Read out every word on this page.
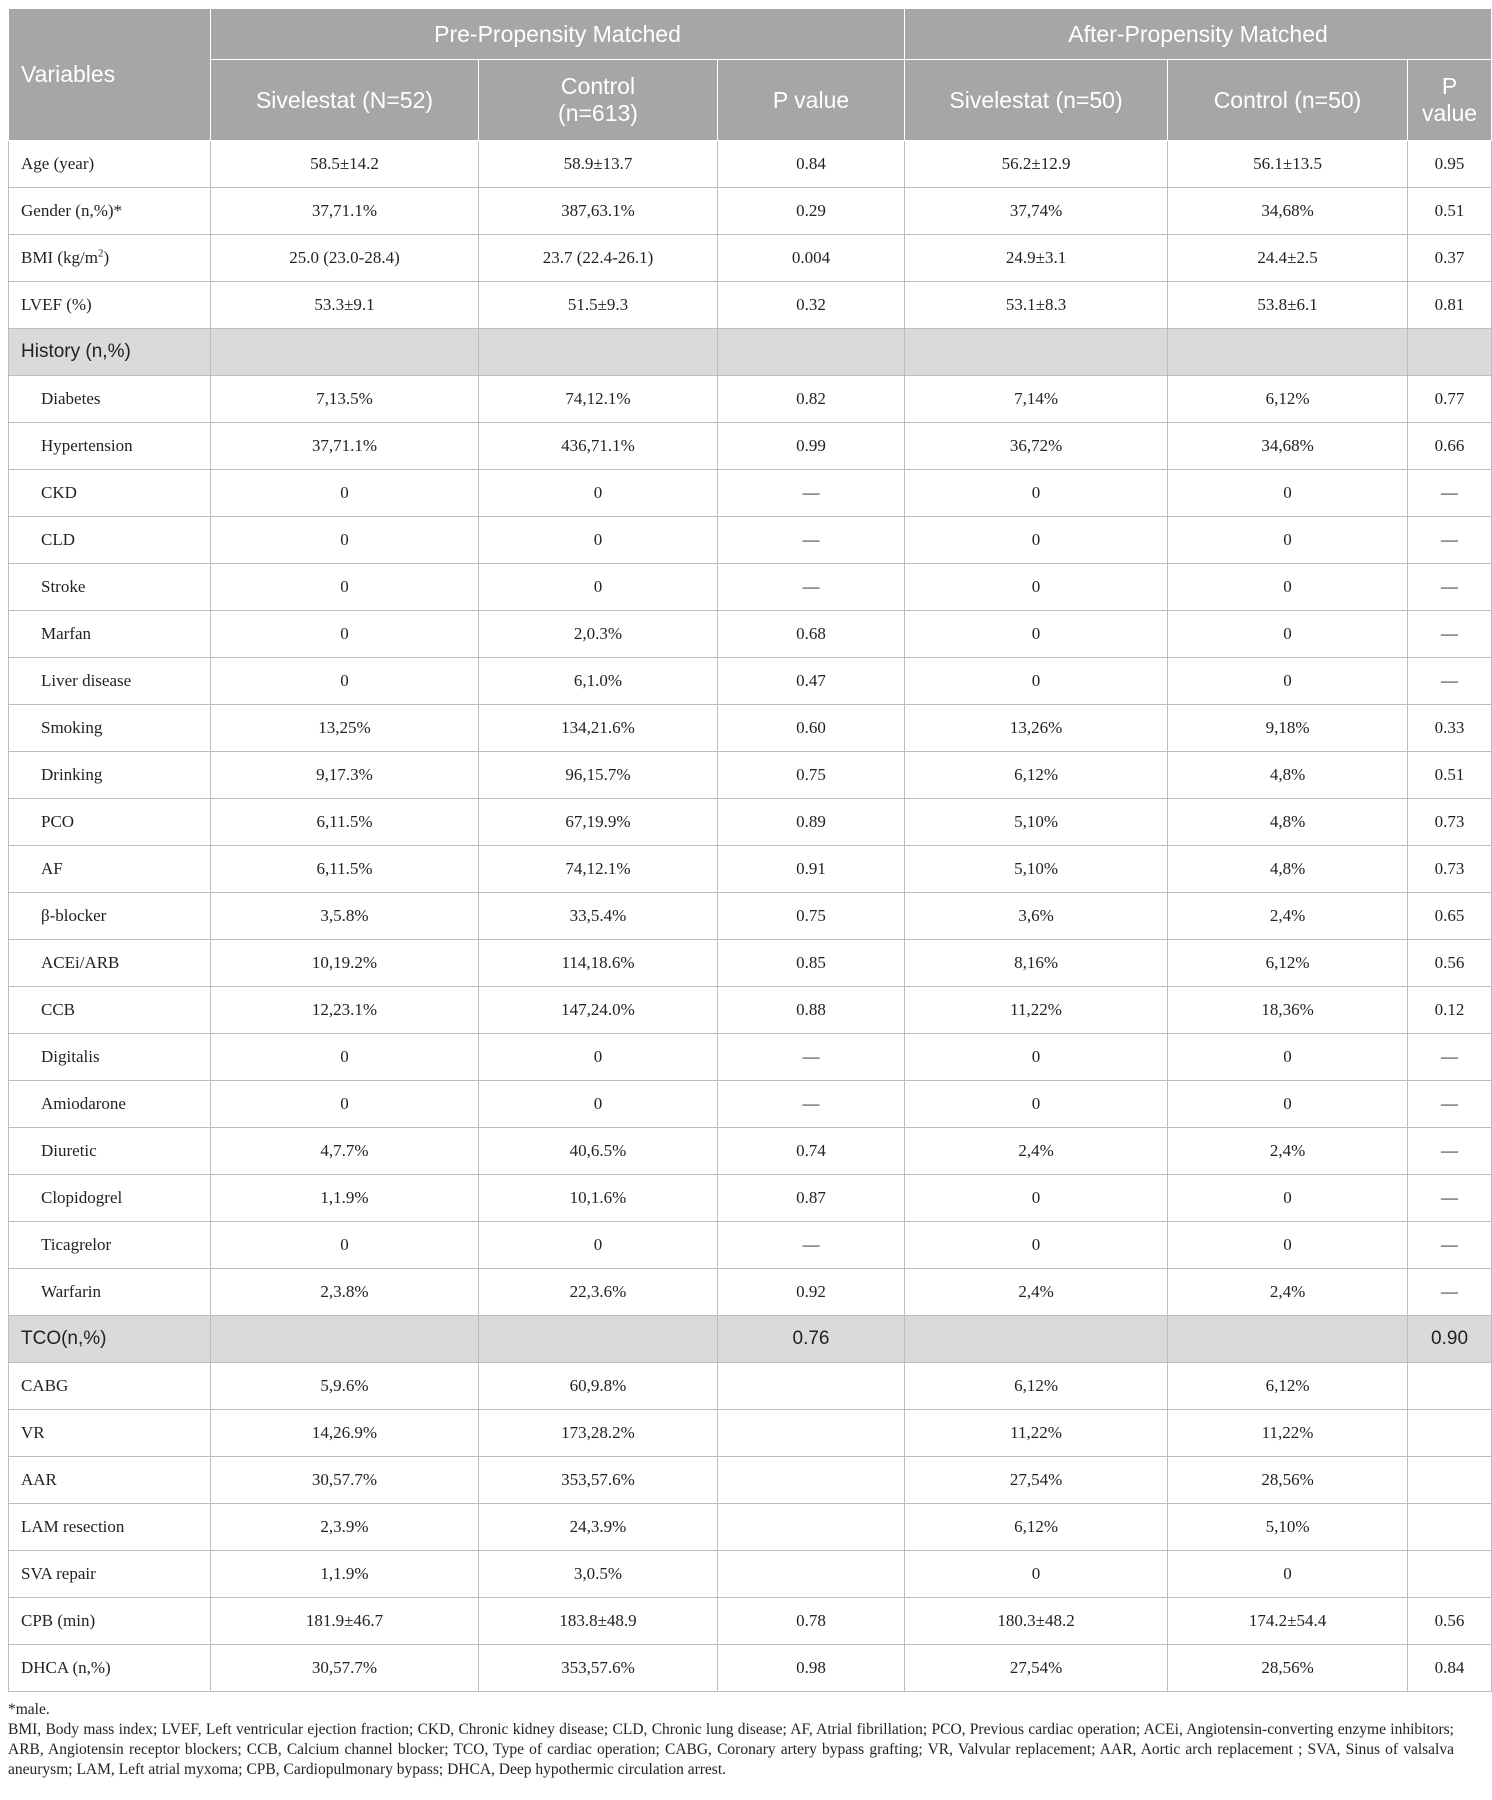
Variables	Pre-Propensity Matched			After-Propensity Matched		
	Sivelestat (N=52)	Control (n=613)	P value	Sivelestat (n=50)	Control (n=50)	P value
Age (year)	58.5±14.2	58.9±13.7	0.84	56.2±12.9	56.1±13.5	0.95
Gender (n,%)*	37,71.1%	387,63.1%	0.29	37,74%	34,68%	0.51
BMI $(kg/m^2)$	25.0 (23.0-28.4)	23.7 (22.4-26.1)	0.004	24.9±3.1	24.4±2.5	0.37
LVEF (%)	53.3±9.1	51.5±9.3	0.32	53.1±8.3	53.8±6.1	0.81
History (n,%)						
Diabetes	7,13.5%	74,12.1%	0.82	7,14%	6,12%	0.77
Hypertension	37,71.1%	436,71.1%	0.99	36,72%	34,68%	0.66
CKD	0	0	—	0	0	—
CLD	0	0	—	0	0	—
Stroke	0	0	—	0	0	—
Marfan	0	2,0.3%	0.68	0	0	—
Liver disease	0	6,1.0%	0.47	0	0	—
Smoking	13,25%	134,21.6%	0.60	13,26%	9,18%	0.33
Drinking	9,17.3%	96,15.7%	0.75	6,12%	4,8%	0.51
PCO	6,11.5%	67,19.9%	0.89	5,10%	4,8%	0.73
AF	6,11.5%	74,12.1%	0.91	5,10%	4,8%	0.73
β-blocker	3,5.8%	33,5.4%	0.75	3,6%	2,4%	0.65
ACEi/ARB	10,19.2%	114,18.6%	0.85	8,16%	6,12%	0.56
CCB	12,23.1%	147,24.0%	0.88	11,22%	18,36%	0.12
Digitalis	0	0	—	0	0	—
Amiodarone	0	0	—	0	0	—
Diuretic	4,7.7%	40,6.5%	0.74	2,4%	2,4%	—
Clopidogrel	1,1.9%	10,1.6%	0.87	0	0	—
Ticagrelor	0	0	—	0	0	—
Warfarin	2,3.8%	22,3.6%	0.92	2,4%	2,4%	—
TCO(n,%)			0.76			0.90
CABG	5,9.6%	60,9.8%		6,12%	6,12%	
VR	14,26.9%	173,28.2%		11,22%	11,22%	
AAR	30,57.7%	353,57.6%		27,54%	28,56%	
LAM resection	2,3.9%	24,3.9%		6,12%	5,10%	
SVA repair	1,1.9%	3,0.5%		0	0	
CPB (min)	181.9±46.7	183.8±48.9	0.78	180.3±48.2	174.2±54.4	0.56
DHCA (n,%)	30,57.7%	353,57.6%	0.98	27,54%	28,56%	0.84
*male.
BMI, Body mass index; LVEF, Left ventricular ejection fraction; CKD, Chronic kidney disease; CLD, Chronic lung disease; AF, Atrial fibrillation; PCO, Previous cardiac operation; ACEi, Angiotensin-converting enzyme inhibitors; ARB, Angiotensin receptor blockers; CCB, Calcium channel blocker; TCO, Type of cardiac operation; CABG, Coronary artery bypass grafting; VR, Valvular replacement; AAR, Aortic arch replacement ; SVA, Sinus of valsalva aneurysm; LAM, Left atrial myxoma; CPB, Cardiopulmonary bypass; DHCA, Deep hypothermic circulation arrest.
